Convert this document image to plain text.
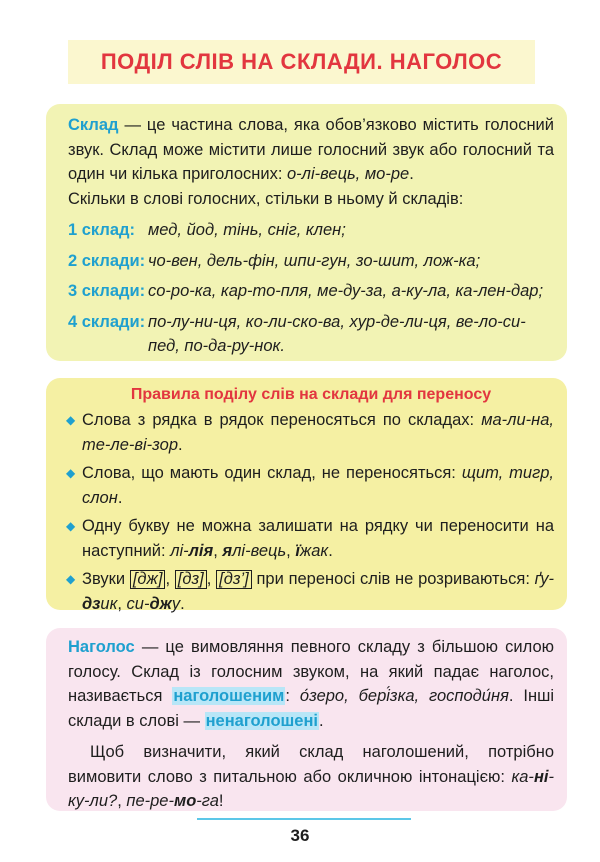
ПОДІЛ СЛІВ НА СКЛАДИ. НАГОЛОС

Склад — це частина слова, яка обов’язково містить голосний звук. Склад може містити лише голосний звук або голосний та один чи кілька приголосних: о-лі-вець, мо-ре.

Скільки в слові голосних, стільки в ньому й складів:

1 склад: мед, йод, тінь, сніг, клен;
2 склади: чо-вен, дель-фін, шпи-гун, зо-шит, лож-ка;
3 склади: со-ро-ка, кар-то-пля, ме-ду-за, а-ку-ла, ка-лен-дар;
4 склади: по-лу-ни-ця, ко-ли-ско-ва, хур-де-ли-ця, ве-ло-си-пед, по-да-ру-нок.
Правила поділу слів на склади для переносу
◆ Слова з рядка в рядок переносяться по складах: ма-ли-на, те-ле-ві-зор.
◆ Слова, що мають один склад, не переносяться: щит, тигр, слон.
◆ Одну букву не можна залишати на рядку чи переносити на наступний: лі-лія, ялі-вець, їжак.
◆ Звуки [дж] , [дз] , [дз’] при переносі слів не розриваються: ґу-дзик, си-джу.

Наголос — це вимовляння певного складу з більшою силою голосу. Склад із голосним звуком, на який падає наголос, називається наголошеним: о́зеро, бері́зка, господи́ня. Інші склади в слові — ненаголошені.

Щоб визначити, який склад наголошений, потрібно вимовити слово з питальною або окличною інтонацією: ка-ні-ку-ли?, пе-ре-мо-га!

36
